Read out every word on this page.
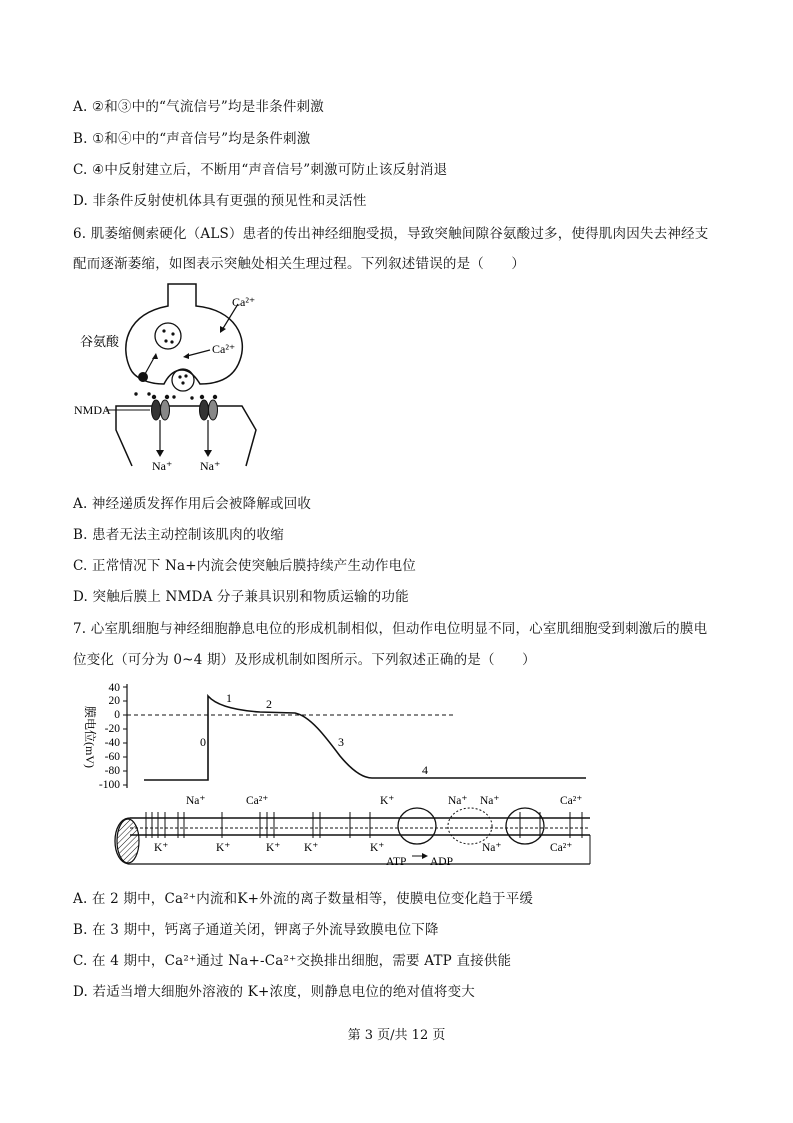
A. ②和③中的“气流信号”均是非条件刺激
B. ①和④中的“声音信号”均是条件刺激
C. ④中反射建立后，不断用“声音信号”刺激可防止该反射消退
D. 非条件反射使机体具有更强的预见性和灵活性
6. 肌萎缩侧索硬化（ALS）患者的传出神经细胞受损，导致突触间隙谷氨酸过多，使得肌肉因失去神经支
配而逐渐萎缩，如图表示突触处相关生理过程。下列叙述错误的是（　　）
Ca²⁺
Ca²⁺
谷氨酸
NMDA
Na⁺ Na⁺
A. 神经递质发挥作用后会被降解或回收
B. 患者无法主动控制该肌肉的收缩
C. 正常情况下 Na+内流会使突触后膜持续产生动作电位
D. 突触后膜上 NMDA 分子兼具识别和物质运输的功能
7. 心室肌细胞与神经细胞静息电位的形成机制相似，但动作电位明显不同，心室肌细胞受到刺激后的膜电
位变化（可分为 0~4 期）及形成机制如图所示。下列叙述正确的是（　　）
40
20
0
-20
-40
-60
-80
-100
膜电位(mV)	0
1	2
3
4
Na⁺	Ca²⁺	K⁺	Na⁺ Na⁺	Ca²⁺
K⁺	K⁺	K⁺ K⁺	K⁺	Na⁺	Ca²⁺
ATP ADP
A. 在 2 期中，Ca²⁺内流和K+外流的离子数量相等，使膜电位变化趋于平缓
B. 在 3 期中，钙离子通道关闭，钾离子外流导致膜电位下降
C. 在 4 期中，Ca²⁺通过 Na+-Ca²⁺交换排出细胞，需要 ATP 直接供能
D. 若适当增大细胞外溶液的 K+浓度，则静息电位的绝对值将变大
第 3 页/共 12 页
